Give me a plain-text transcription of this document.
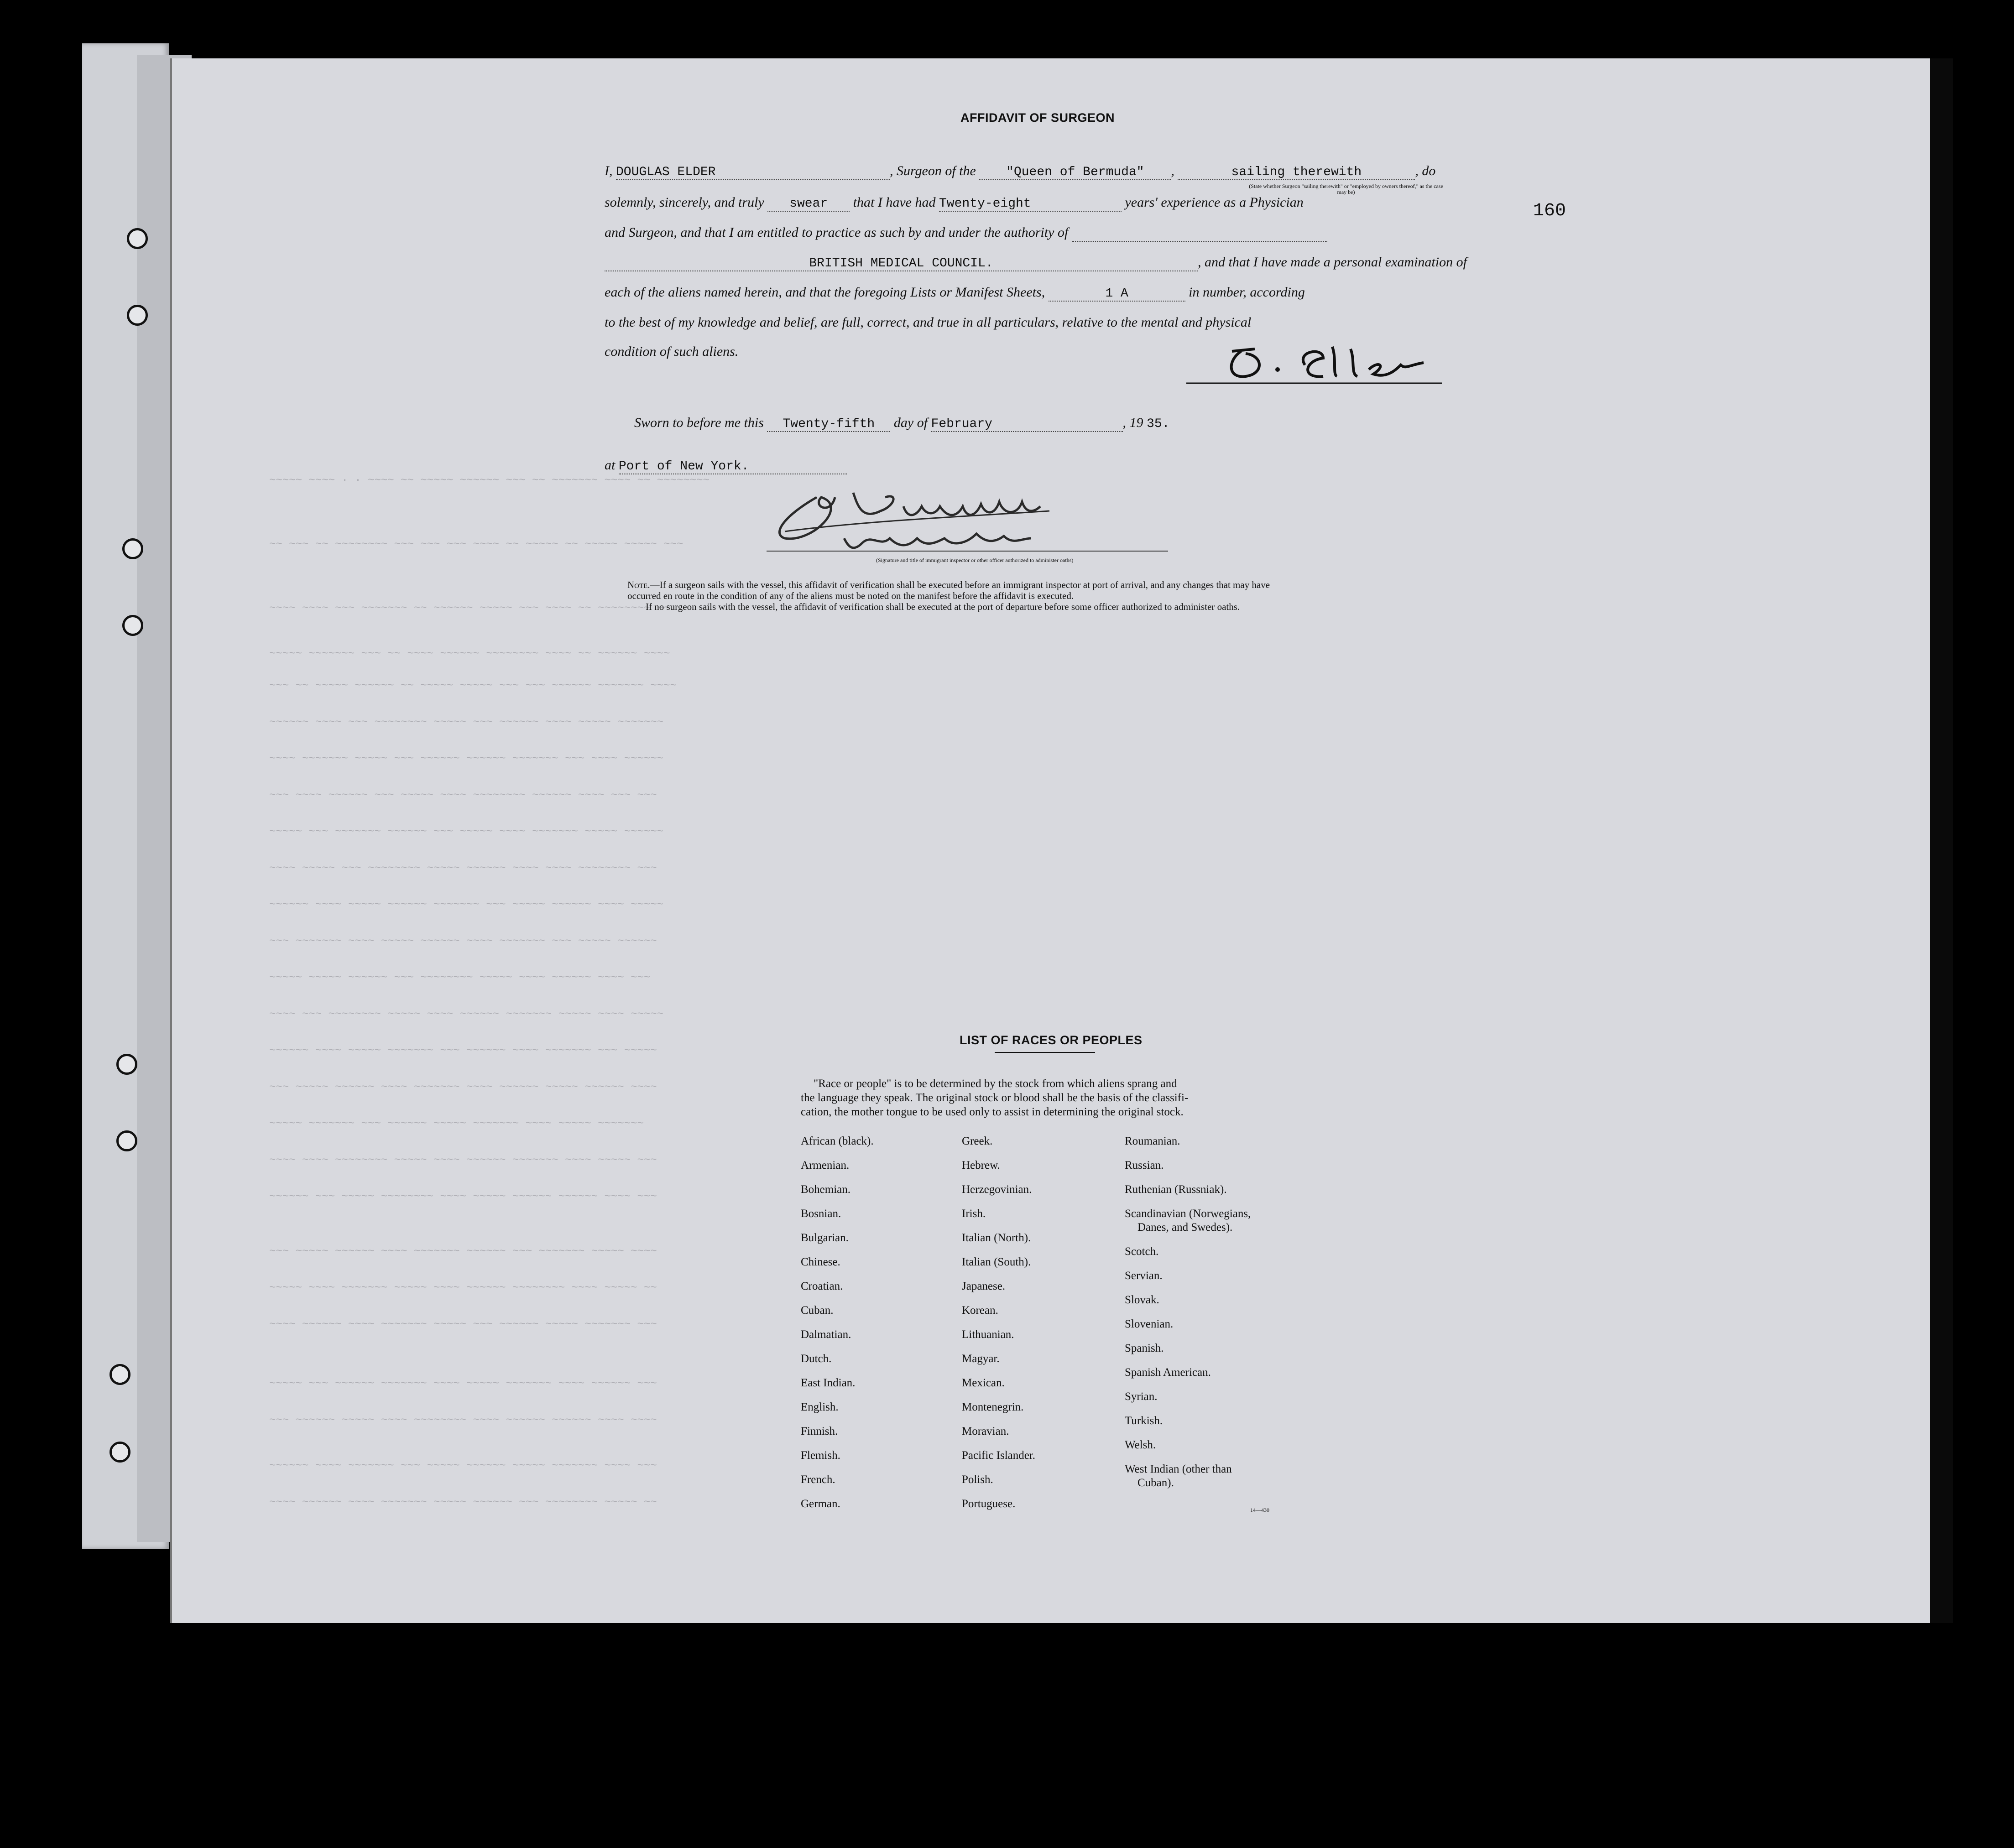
~~~~~ ~~~~ · · ~~~~ ~~ ~~~~~ ~~~~~~ ~~~ ~~ ~~~~~~~ ~~~~ ~~ ~~~~~~~~
~~ ~~~ ~~ ~~~~~~~~ ~~~ ~~~ ~~~ ~~~~ ~~ ~~~~~ ~~ ~~~~~ ~~~~~ ~~~
~~~~ ~~~~ ~~~ ~~~~~~~ ~~ ~~~~~~ ~~~~~ ~~~ ~~~~ ~~ ~~~~~~~~ ~~
~~~~~ ~~~~~~~ ~~~ ~~ ~~~~ ~~~~~~ ~~~~~~~~ ~~~~ ~~ ~~~~~~ ~~~~
~~~ ~~ ~~~~~ ~~~~~~ ~~ ~~~~~ ~~~~~ ~~~ ~~~ ~~~~~~ ~~~~~~~ ~~~~
~~~~~~ ~~~~ ~~~ ~~~~~~~~ ~~~~~ ~~~ ~~~~~~ ~~~~ ~~~~~ ~~~~~~~
~~~~ ~~~~~~~ ~~~~~ ~~~ ~~~~~~ ~~~~~~ ~~~~~~~ ~~~ ~~~~ ~~~~~~
~~~ ~~~~ ~~~~~~ ~~~ ~~~~~ ~~~~ ~~~~~~~~ ~~~~~~ ~~~~ ~~~ ~~~
~~~~~ ~~~ ~~~~~~~ ~~~~~~ ~~~ ~~~~~ ~~~~ ~~~~~~~ ~~~~~ ~~~~~~
~~~~ ~~~~~ ~~~ ~~~~~~~~ ~~~~~ ~~~~~~ ~~~~ ~~~~ ~~~~~~~~ ~~~
~~~~~~ ~~~~ ~~~~~ ~~~~~~ ~~~~~~~ ~~~ ~~~~~ ~~~~~~ ~~~~ ~~~~~
~~~ ~~~~~~~ ~~~~ ~~~~~ ~~~~~~ ~~~~ ~~~~~~~ ~~~ ~~~~~ ~~~~~~
~~~~~ ~~~~~ ~~~~~~ ~~~ ~~~~~~~~ ~~~~~ ~~~~ ~~~~~~ ~~~~ ~~~
~~~~ ~~~ ~~~~~~~~ ~~~~~ ~~~~ ~~~~~~ ~~~~~~~ ~~~~~ ~~~~ ~~~~~
~~~~~~ ~~~~ ~~~~~ ~~~~~~~ ~~~ ~~~~~~ ~~~~ ~~~~~~~ ~~~ ~~~~~
~~~ ~~~~~ ~~~~~~ ~~~~ ~~~~~~~ ~~~~ ~~~~~~ ~~~~~ ~~~~~~ ~~~~
~~~~~ ~~~~~~~ ~~~ ~~~~~~ ~~~~~ ~~~~~~~ ~~~~ ~~~~~ ~~~~~~~
~~~~ ~~~~ ~~~~~~~~ ~~~~~ ~~~~ ~~~~~~ ~~~~~~~ ~~~~ ~~~~~ ~~~
~~~~~~ ~~~ ~~~~~ ~~~~~~~~ ~~~~ ~~~~~ ~~~~~~ ~~~~~~ ~~~~ ~~~
~~~ ~~~~~ ~~~~~~ ~~~~ ~~~~~~~ ~~~~~~ ~~~ ~~~~~~~ ~~~~~ ~~~~
~~~~~ ~~~~ ~~~~~~~ ~~~~~ ~~~~ ~~~~~~ ~~~~~~~~ ~~~~ ~~~~~ ~~
~~~~ ~~~~~~ ~~~~ ~~~~~~~ ~~~~~ ~~~ ~~~~~~ ~~~~~ ~~~~~~~ ~~~
~~~~~ ~~~ ~~~~~~ ~~~~~~~ ~~~~ ~~~~~ ~~~~~~~ ~~~~ ~~~~~~ ~~~
~~~ ~~~~~~ ~~~~~ ~~~~ ~~~~~~~~ ~~~~ ~~~~~~ ~~~~~~ ~~~~ ~~~~
~~~~~~ ~~~~ ~~~~~~~ ~~~ ~~~~~ ~~~~~~ ~~~~~ ~~~~~~~ ~~~~ ~~~
~~~~ ~~~~~~ ~~~~ ~~~~~~~ ~~~~~ ~~~~~~ ~~~ ~~~~~~~~ ~~~~~ ~~
160
AFFIDAVIT OF SURGEON
I, DOUGLAS ELDER	, Surgeon of the "Queen of Bermuda" ,	sailing therewith	, do
(State whether Surgeon "sailing therewith" or "employed by owners thereof," as the case may be)
solemnly, sincerely, and truly swear that I have had Twenty-eight	years' experience as a Physician
and Surgeon, and that I am entitled to practice as such by and under the authority of
BRITISH MEDICAL COUNCIL.	, and that I have made a personal examination of
each of the aliens named herein, and that the foregoing Lists or Manifest Sheets,	1 A	in number, according
to the best of my knowledge and belief, are full, correct, and true in all particulars, relative to the mental and physical
condition of such aliens.
Sworn to before me this Twenty-fifth day of February	, 19 35.
at Port of New York.
(Signature and title of immigrant inspector or other officer authorized to administer oaths)
Note.—If a surgeon sails with the vessel, this affidavit of verification shall be executed before an immigrant inspector at port of arrival, and any changes that may have
occurred en route in the condition of any of the aliens must be noted on the manifest before the affidavit is executed.
If no surgeon sails with the vessel, the affidavit of verification shall be executed at the port of departure before some officer authorized to administer oaths.
LIST OF RACES OR PEOPLES
"Race or people" is to be determined by the stock from which aliens sprang and
the language they speak. The original stock or blood shall be the basis of the classifi-
cation, the mother tongue to be used only to assist in determining the original stock.
African (black).
Armenian.
Bohemian.
Bosnian.
Bulgarian.
Chinese.
Croatian.
Cuban.
Dalmatian.
Dutch.
East Indian.
English.
Finnish.
Flemish.
French.
German.
Greek.
Hebrew.
Herzegovinian.
Irish.
Italian (North).
Italian (South).
Japanese.
Korean.
Lithuanian.
Magyar.
Mexican.
Montenegrin.
Moravian.
Pacific Islander.
Polish.
Portuguese.
Roumanian.
Russian.
Ruthenian (Russniak).
Scandinavian (Norwegians,
Danes, and Swedes).
Scotch.
Servian.
Slovak.
Slovenian.
Spanish.
Spanish American.
Syrian.
Turkish.
Welsh.
West Indian (other than
Cuban).
14—430
